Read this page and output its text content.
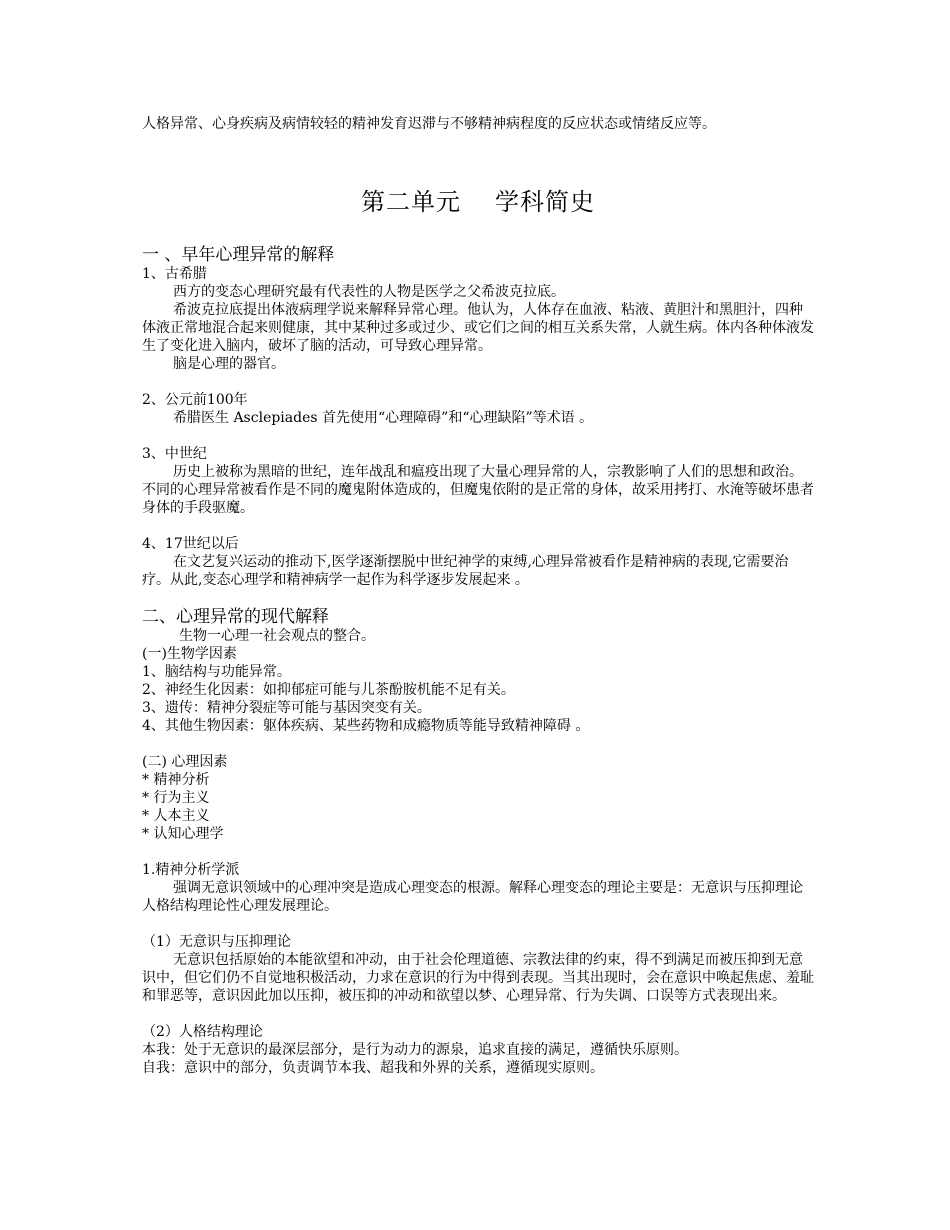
人格异常、心身疾病及病情较轻的精神发育迟滞与不够精神病程度的反应状态或情绪反应等。

第二单元 学科简史

一 、早年心理异常的解释

1、古希腊

西方的变态心理研究最有代表性的人物是医学之父希波克拉底。

希波克拉底提出体液病理学说来解释异常心理。他认为，人体存在血液、粘液、黄胆汁和黑胆汁，四种体液正常地混合起来则健康，其中某种过多或过少、或它们之间的相互关系失常，人就生病。体内各种体液发生了变化进入脑内，破坏了脑的活动，可导致心理异常。

脑是心理的器官。

2、公元前100年

希腊医生 Asclepiades 首先使用“心理障碍”和“心理缺陷”等术语 。

3、中世纪

历史上被称为黑暗的世纪，连年战乱和瘟疫出现了大量心理异常的人，宗教影响了人们的思想和政治。不同的心理异常被看作是不同的魔鬼附体造成的，但魔鬼依附的是正常的身体，故采用拷打、水淹等破坏患者身体的手段驱魔。

4、17世纪以后

在文艺复兴运动的推动下,医学逐渐摆脱中世纪神学的束缚,心理异常被看作是精神病的表现,它需要治疗。从此,变态心理学和精神病学一起作为科学逐步发展起来 。

二、心理异常的现代解释

生物一心理一社会观点的整合。

(一)生物学因素

1、脑结构与功能异常。

2、神经生化因素：如抑郁症可能与儿茶酚胺机能不足有关。

3、遗传：精神分裂症等可能与基因突变有关。

4、其他生物因素：躯体疾病、某些药物和成瘾物质等能导致精神障碍 。

(二) 心理因素

* 精神分析

* 行为主义

* 人本主义

* 认知心理学

1.精神分析学派

强调无意识领域中的心理冲突是造成心理变态的根源。解释心理变态的理论主要是：无意识与压抑理论人格结构理论性心理发展理论。

（1）无意识与压抑理论

无意识包括原始的本能欲望和冲动，由于社会伦理道德、宗教法律的约束，得不到满足而被压抑到无意识中，但它们仍不自觉地积极活动，力求在意识的行为中得到表现。当其出现时，会在意识中唤起焦虑、羞耻和罪恶等，意识因此加以压抑，被压抑的冲动和欲望以梦、心理异常、行为失调、口误等方式表现出来。

（2）人格结构理论

本我：处于无意识的最深层部分，是行为动力的源泉，追求直接的满足，遵循快乐原则。

自我：意识中的部分，负责调节本我、超我和外界的关系，遵循现实原则。
